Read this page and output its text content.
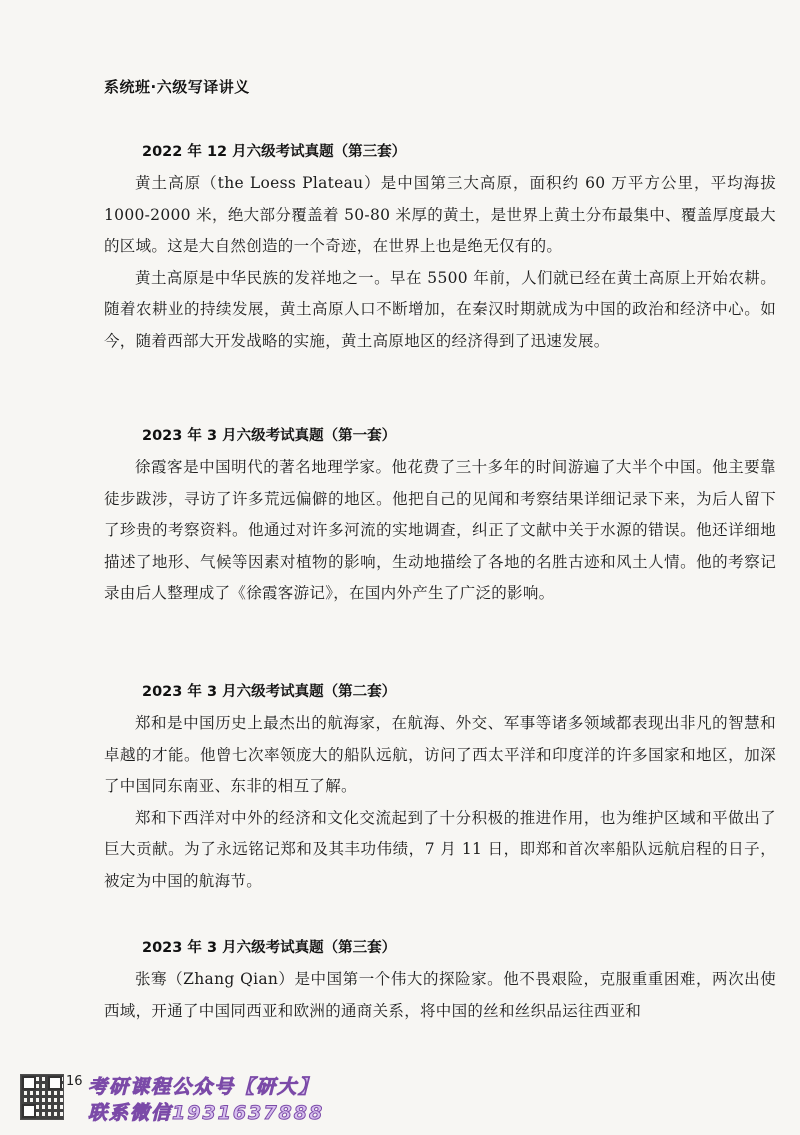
系统班·六级写译讲义
2022 年 12 月六级考试真题（第三套）

黄土高原（the Loess Plateau）是中国第三大高原，面积约 60 万平方公里，平均海拔 1000-2000 米，绝大部分覆盖着 50-80 米厚的黄土，是世界上黄土分布最集中、覆盖厚度最大的区域。这是大自然创造的一个奇迹，在世界上也是绝无仅有的。

黄土高原是中华民族的发祥地之一。早在 5500 年前，人们就已经在黄土高原上开始农耕。随着农耕业的持续发展，黄土高原人口不断增加，在秦汉时期就成为中国的政治和经济中心。如今，随着西部大开发战略的实施，黄土高原地区的经济得到了迅速发展。

2023 年 3 月六级考试真题（第一套）

徐霞客是中国明代的著名地理学家。他花费了三十多年的时间游遍了大半个中国。他主要靠徒步跋涉，寻访了许多荒远偏僻的地区。他把自己的见闻和考察结果详细记录下来，为后人留下了珍贵的考察资料。他通过对许多河流的实地调查，纠正了文献中关于水源的错误。他还详细地描述了地形、气候等因素对植物的影响，生动地描绘了各地的名胜古迹和风土人情。他的考察记录由后人整理成了《徐霞客游记》，在国内外产生了广泛的影响。

2023 年 3 月六级考试真题（第二套）

郑和是中国历史上最杰出的航海家，在航海、外交、军事等诸多领域都表现出非凡的智慧和卓越的才能。他曾七次率领庞大的船队远航，访问了西太平洋和印度洋的许多国家和地区，加深了中国同东南亚、东非的相互了解。

郑和下西洋对中外的经济和文化交流起到了十分积极的推进作用，也为维护区域和平做出了巨大贡献。为了永远铭记郑和及其丰功伟绩，7 月 11 日，即郑和首次率船队远航启程的日子，被定为中国的航海节。

2023 年 3 月六级考试真题（第三套）

张骞（Zhang Qian）是中国第一个伟大的探险家。他不畏艰险，克服重重困难，两次出使西域，开通了中国同西亚和欧洲的通商关系，将中国的丝和丝织品运往西亚和

16 考研课程公众号【研大】
联系微信1931637888
